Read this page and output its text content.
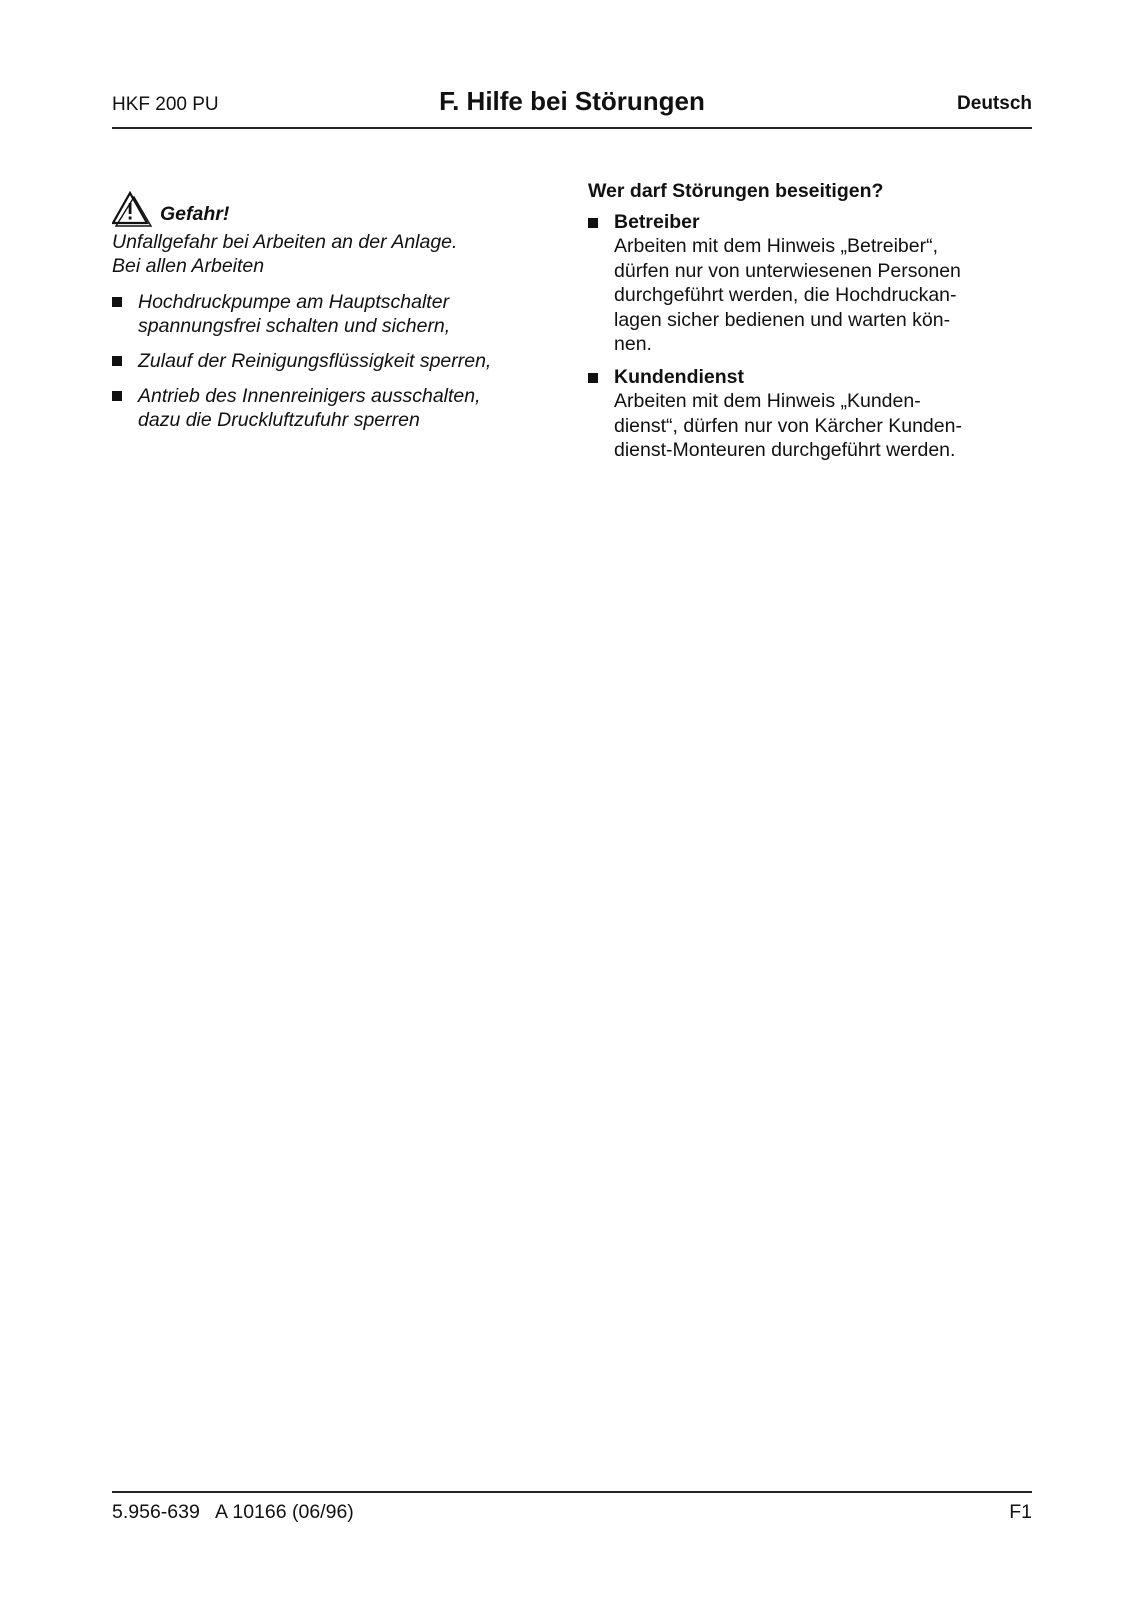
HKF 200 PU	F. Hilfe bei Störungen	Deutsch
Gefahr!
Unfallgefahr bei Arbeiten an der Anlage.
Bei allen Arbeiten
Hochdruckpumpe am Hauptschalter
spannungsfrei schalten und sichern,
Zulauf der Reinigungsflüssigkeit sperren,
Antrieb des Innenreinigers ausschalten,
dazu die Druckluftzufuhr sperren
Wer darf Störungen beseitigen?
Betreiber
Arbeiten mit dem Hinweis „Betreiber“,
dürfen nur von unterwiesenen Personen
durchgeführt werden, die Hochdruckan-
lagen sicher bedienen und warten kön-
nen.
Kundendienst
Arbeiten mit dem Hinweis „Kunden-
dienst“, dürfen nur von Kärcher Kunden-
dienst-Monteuren durchgeführt werden.
5.956-639   A 10166 (06/96)	F1
